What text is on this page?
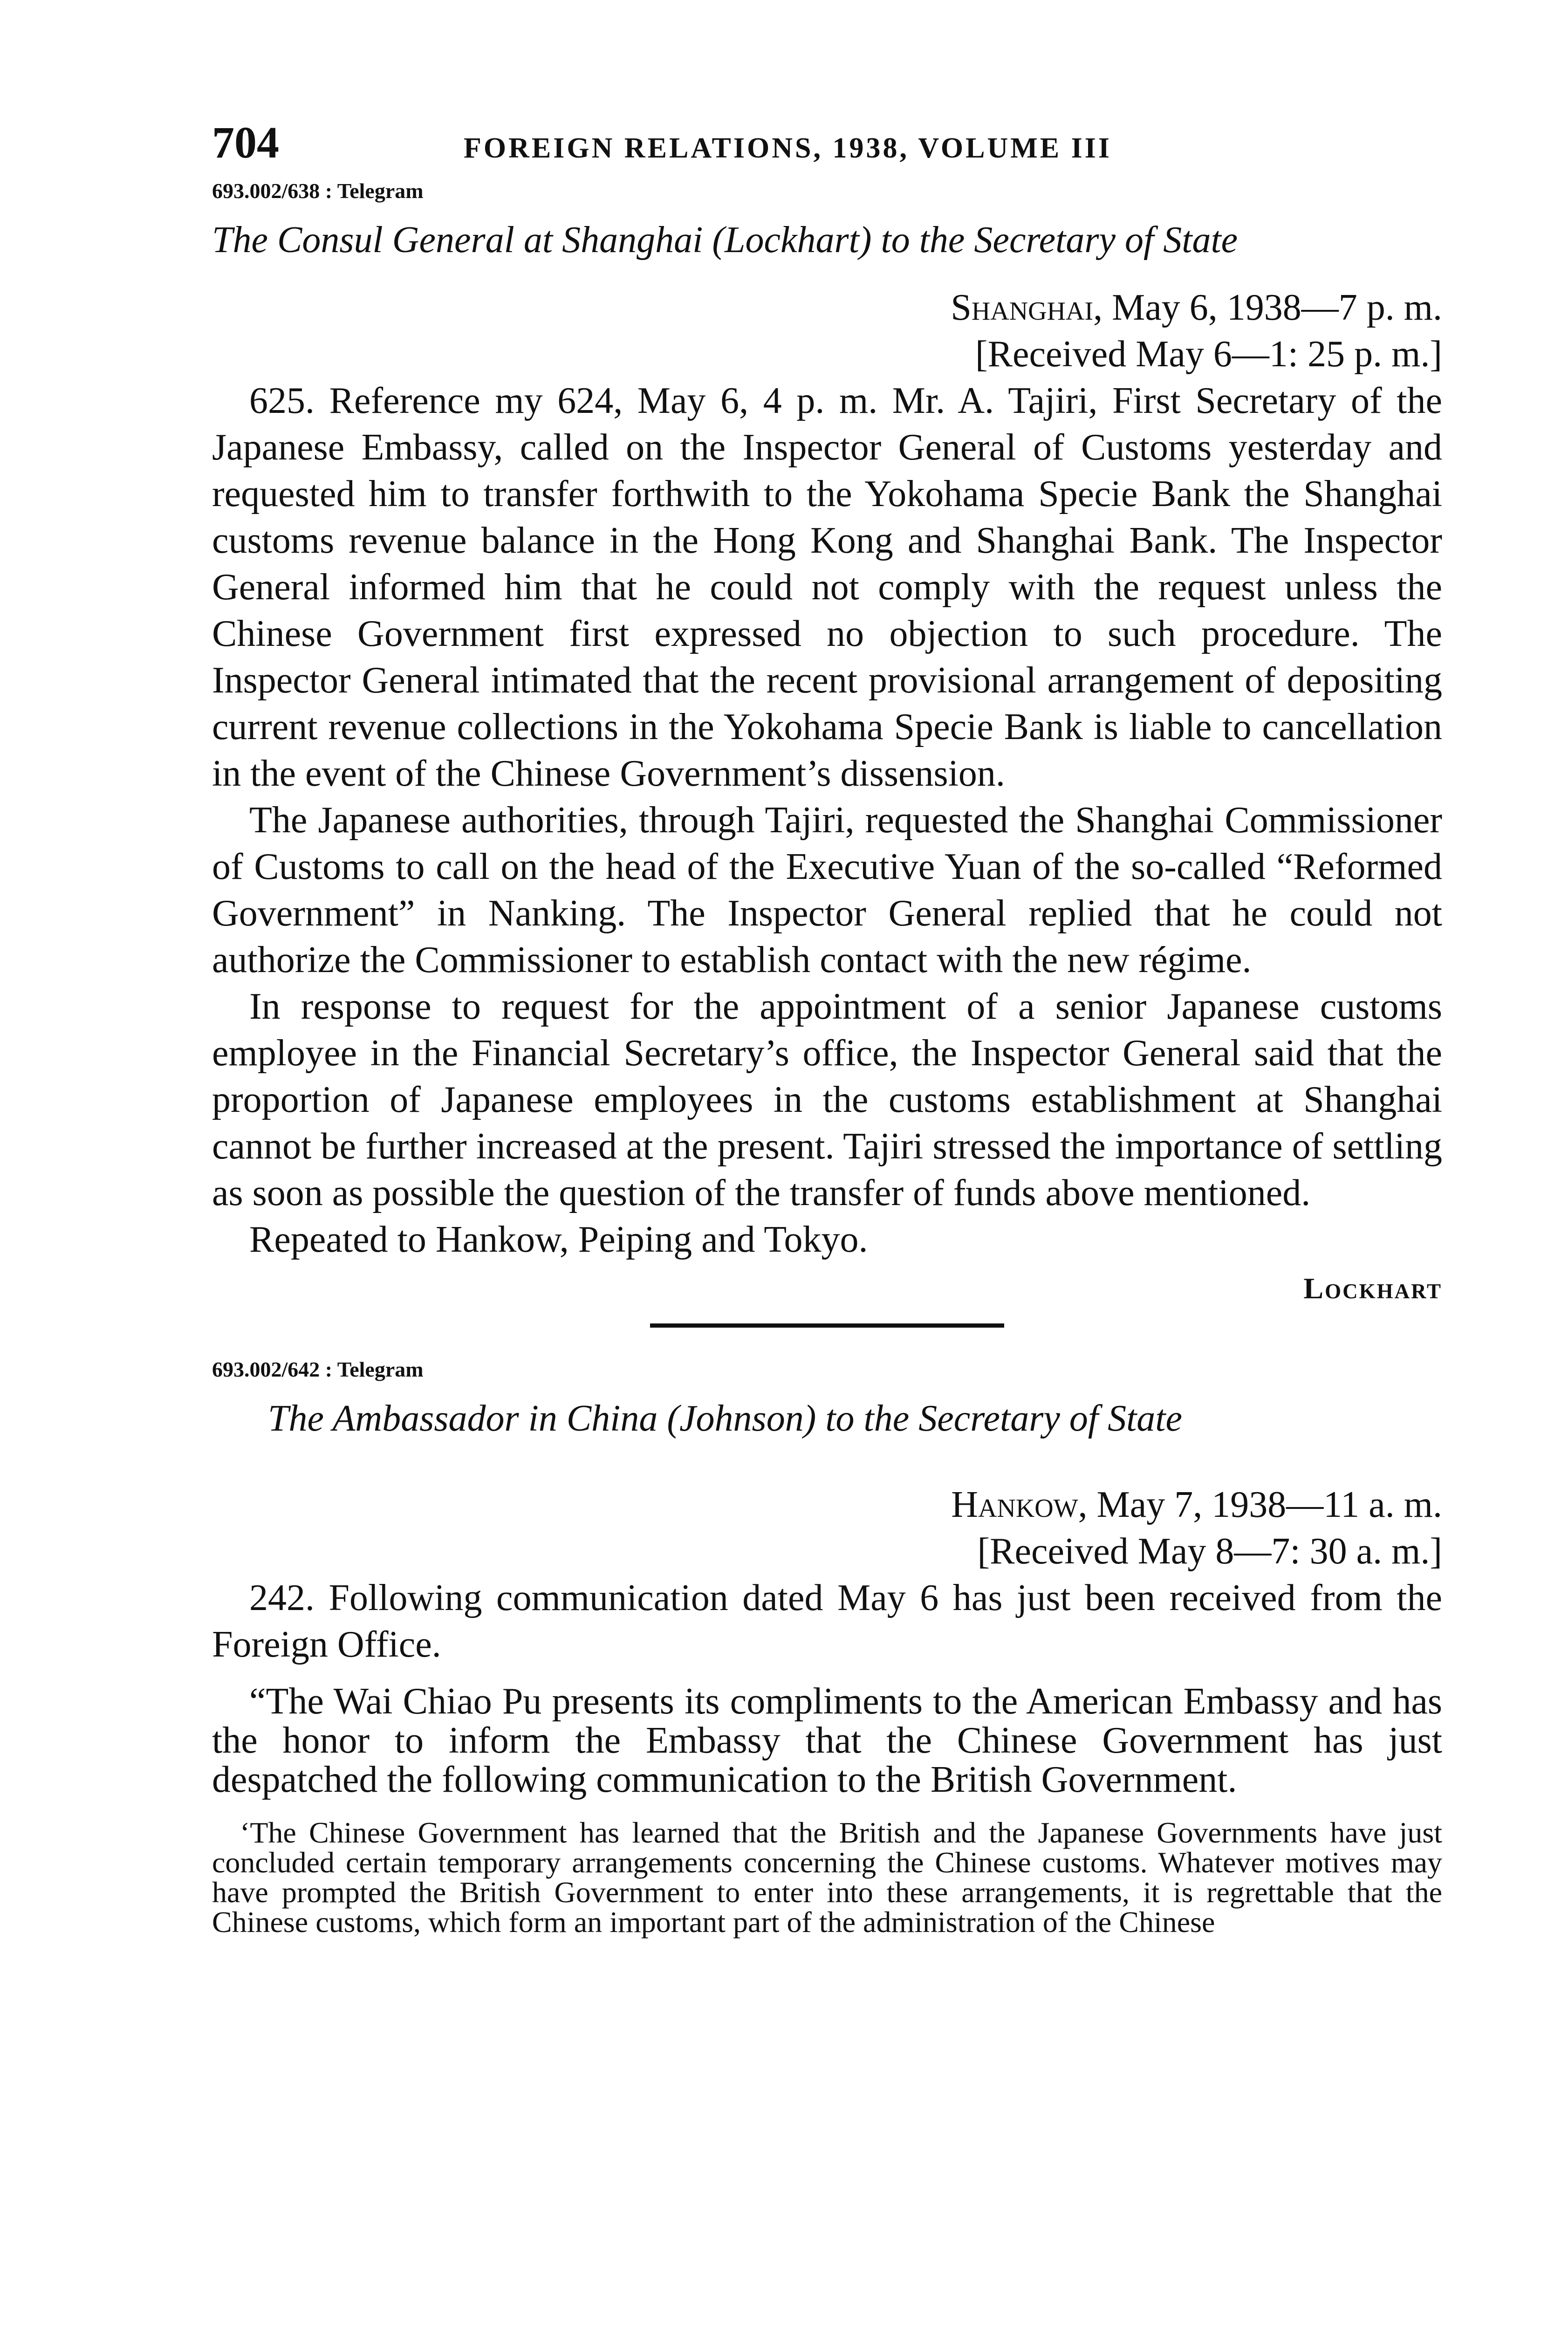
704	FOREIGN RELATIONS, 1938, VOLUME III

693.002/638 : Telegram

The Consul General at Shanghai (Lockhart) to the Secretary of State

Shanghai, May 6, 1938—7 p. m.
[Received May 6—1: 25 p. m.]

625. Reference my 624, May 6, 4 p. m. Mr. A. Tajiri, First Secretary of the Japanese Embassy, called on the Inspector General of Customs yesterday and requested him to transfer forthwith to the Yokohama Specie Bank the Shanghai customs revenue balance in the Hong Kong and Shanghai Bank. The Inspector General informed him that he could not comply with the request unless the Chinese Government first expressed no objection to such procedure. The Inspector General intimated that the recent provisional arrangement of depositing current revenue collections in the Yokohama Specie Bank is liable to cancellation in the event of the Chinese Government’s dissension.

The Japanese authorities, through Tajiri, requested the Shanghai Commissioner of Customs to call on the head of the Executive Yuan of the so-called “Reformed Government” in Nanking. The Inspector General replied that he could not authorize the Commissioner to establish contact with the new régime.

In response to request for the appointment of a senior Japanese customs employee in the Financial Secretary’s office, the Inspector General said that the proportion of Japanese employees in the customs establishment at Shanghai cannot be further increased at the present. Tajiri stressed the importance of settling as soon as possible the question of the transfer of funds above mentioned.

Repeated to Hankow, Peiping and Tokyo.

Lockhart

693.002/642 : Telegram

The Ambassador in China (Johnson) to the Secretary of State

Hankow, May 7, 1938—11 a. m.
[Received May 8—7: 30 a. m.]

242. Following communication dated May 6 has just been received from the Foreign Office.

“The Wai Chiao Pu presents its compliments to the American Embassy and has the honor to inform the Embassy that the Chinese Government has just despatched the following communication to the British Government.

‘The Chinese Government has learned that the British and the Japanese Governments have just concluded certain temporary arrangements concerning the Chinese customs. Whatever motives may have prompted the British Government to enter into these arrangements, it is regrettable that the Chinese customs, which form an important part of the administration of the Chinese
